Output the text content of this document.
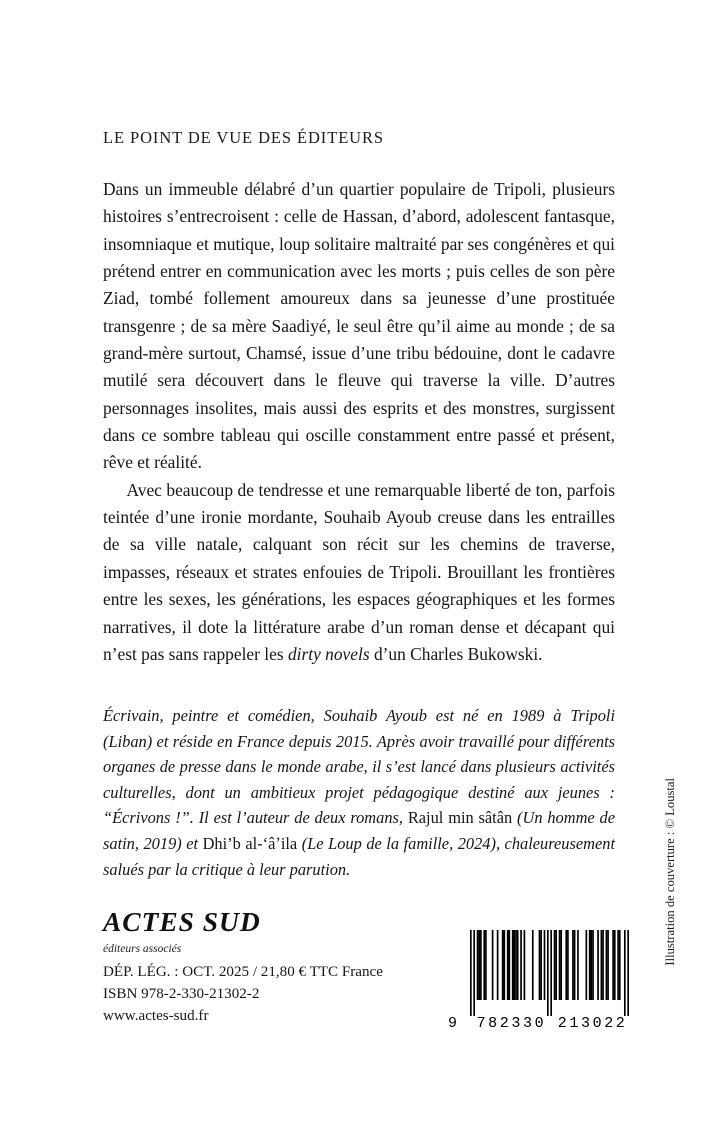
LE POINT DE VUE DES ÉDITEURS

Dans un immeuble délabré d’un quartier populaire de Tripoli, plusieurs histoires s’entrecroisent : celle de Hassan, d’abord, adolescent fantasque, insomniaque et mutique, loup solitaire maltraité par ses congénères et qui prétend entrer en communication avec les morts ; puis celles de son père Ziad, tombé follement amoureux dans sa jeunesse d’une prostituée transgenre ; de sa mère Saadiyé, le seul être qu’il aime au monde ; de sa grand-mère surtout, Chamsé, issue d’une tribu bédouine, dont le cadavre mutilé sera découvert dans le fleuve qui traverse la ville. D’autres personnages insolites, mais aussi des esprits et des monstres, surgissent dans ce sombre tableau qui oscille constamment entre passé et présent, rêve et réalité.

Avec beaucoup de tendresse et une remarquable liberté de ton, parfois teintée d’une ironie mordante, Souhaib Ayoub creuse dans les entrailles de sa ville natale, calquant son récit sur les chemins de traverse, impasses, réseaux et strates enfouies de Tripoli. Brouillant les frontières entre les sexes, les générations, les espaces géographiques et les formes narratives, il dote la littérature arabe d’un roman dense et décapant qui n’est pas sans rappeler les dirty novels d’un Charles Bukowski.

Écrivain, peintre et comédien, Souhaib Ayoub est né en 1989 à Tripoli (Liban) et réside en France depuis 2015. Après avoir travaillé pour différents organes de presse dans le monde arabe, il s’est lancé dans plusieurs activités culturelles, dont un ambitieux projet pédagogique destiné aux jeunes : “Écrivons !”. Il est l’auteur de deux romans, Rajul min sâtân (Un homme de satin, 2019) et Dhi’b al-ʻâʼila (Le Loup de la famille, 2024), chaleureusement salués par la critique à leur parution.

ACTES SUD
éditeurs associés
DÉP. LÉG. : OCT. 2025 / 21,80 € TTC France
ISBN 978-2-330-21302-2
www.actes-sud.fr	9 782330 213022
Illustration de couverture : © Loustal
